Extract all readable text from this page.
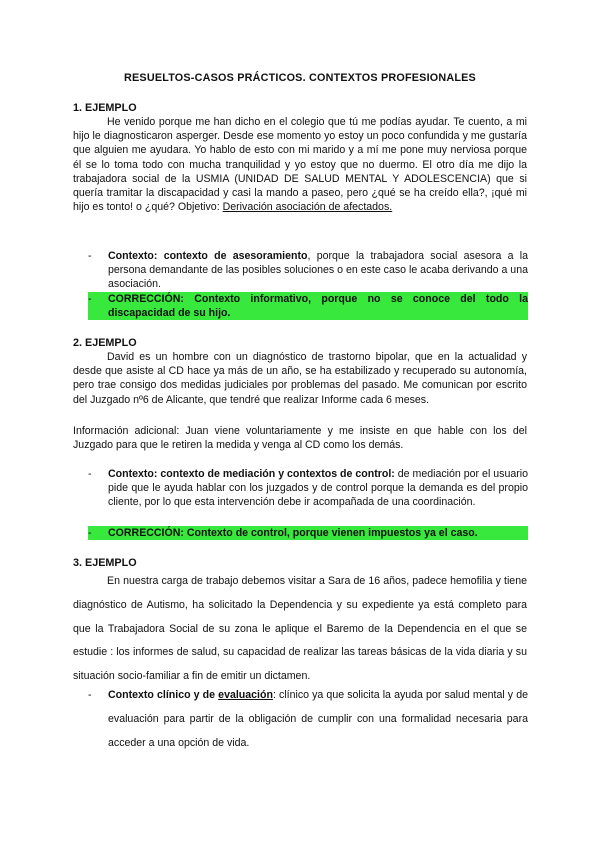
RESUELTOS-CASOS PRÁCTICOS. CONTEXTOS PROFESIONALES
1. EJEMPLO

He venido porque me han dicho en el colegio que tú me podías ayudar. Te cuento, a mi hijo le diagnosticaron asperger. Desde ese momento yo estoy un poco confundida y me gustaría que alguien me ayudara. Yo hablo de esto con mi marido y a mí me pone muy nerviosa porque él se lo toma todo con mucha tranquilidad y yo estoy que no duermo. El otro día me dijo la trabajadora social de la USMIA (UNIDAD DE SALUD MENTAL Y ADOLESCENCIA) que si quería tramitar la discapacidad y casi la mando a paseo, pero ¿qué se ha creído ella?, ¡qué mi hijo es tonto! o ¿qué? Objetivo: Derivación asociación de afectados.

-	Contexto: contexto de asesoramiento, porque la trabajadora social asesora a la persona demandante de las posibles soluciones o en este caso le acaba derivando a una asociación.
-	CORRECCIÓN: Contexto informativo, porque no se conoce del todo la discapacidad de su hijo.
2. EJEMPLO

David es un hombre con un diagnóstico de trastorno bipolar, que en la actualidad y desde que asiste al CD hace ya más de un año, se ha estabilizado y recuperado su autonomía, pero trae consigo dos medidas judiciales por problemas del pasado. Me comunican por escrito del Juzgado nº6 de Alicante, que tendré que realizar Informe cada 6 meses.

Información adicional: Juan viene voluntariamente y me insiste en que hable con los del Juzgado para que le retiren la medida y venga al CD como los demás.

-	Contexto: contexto de mediación y contextos de control: de mediación por el usuario pide que le ayuda hablar con los juzgados y de control porque la demanda es del propio cliente, por lo que esta intervención debe ir acompañada de una coordinación.
-	CORRECCIÓN: Contexto de control, porque vienen impuestos ya el caso.
3. EJEMPLO

En nuestra carga de trabajo debemos visitar a Sara de 16 años, padece hemofilia y tiene diagnóstico de Autismo, ha solicitado la Dependencia y su expediente ya está completo para que la Trabajadora Social de su zona le aplique el Baremo de la Dependencia en el que se estudie : los informes de salud, su capacidad de realizar las tareas básicas de la vida diaria y su situación socio-familiar a fin de emitir un dictamen.

-	Contexto clínico y de evaluación: clínico ya que solicita la ayuda por salud mental y de evaluación para partir de la obligación de cumplir con una formalidad necesaria para acceder a una opción de vida.
